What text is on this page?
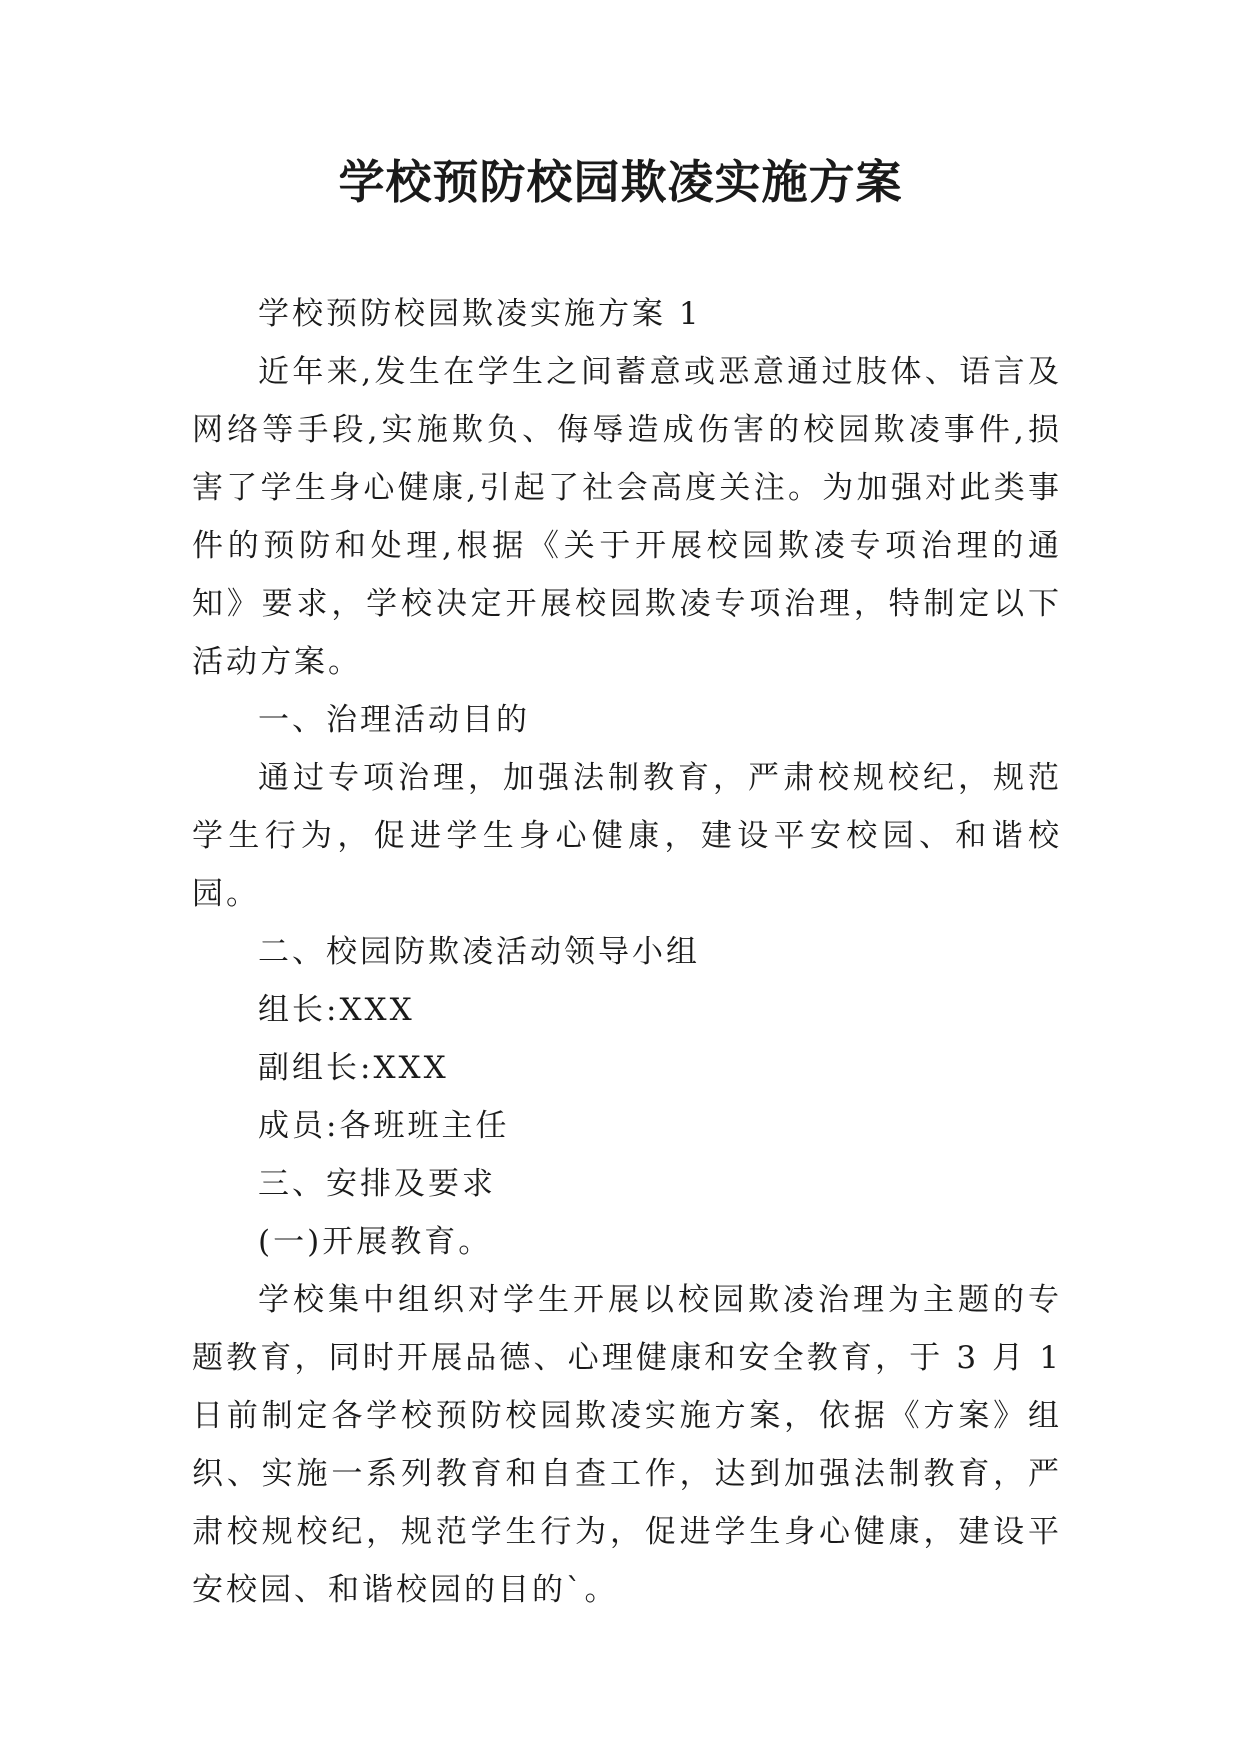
学校预防校园欺凌实施方案

学校预防校园欺凌实施方案 1

近年来,发生在学生之间蓄意或恶意通过肢体、语言及网络等手段,实施欺负、侮辱造成伤害的校园欺凌事件,损害了学生身心健康,引起了社会高度关注。为加强对此类事件的预防和处理,根据《关于开展校园欺凌专项治理的通知》要求，学校决定开展校园欺凌专项治理，特制定以下活动方案。

一、治理活动目的

通过专项治理，加强法制教育，严肃校规校纪，规范学生行为，促进学生身心健康，建设平安校园、和谐校园。

二、校园防欺凌活动领导小组

组长:XXX

副组长:XXX

成员:各班班主任

三、安排及要求

(一)开展教育。

学校集中组织对学生开展以校园欺凌治理为主题的专题教育，同时开展品德、心理健康和安全教育，于 3 月 1 日前制定各学校预防校园欺凌实施方案，依据《方案》组织、实施一系列教育和自查工作，达到加强法制教育，严肃校规校纪，规范学生行为，促进学生身心健康，建设平安校园、和谐校园的目的`。
